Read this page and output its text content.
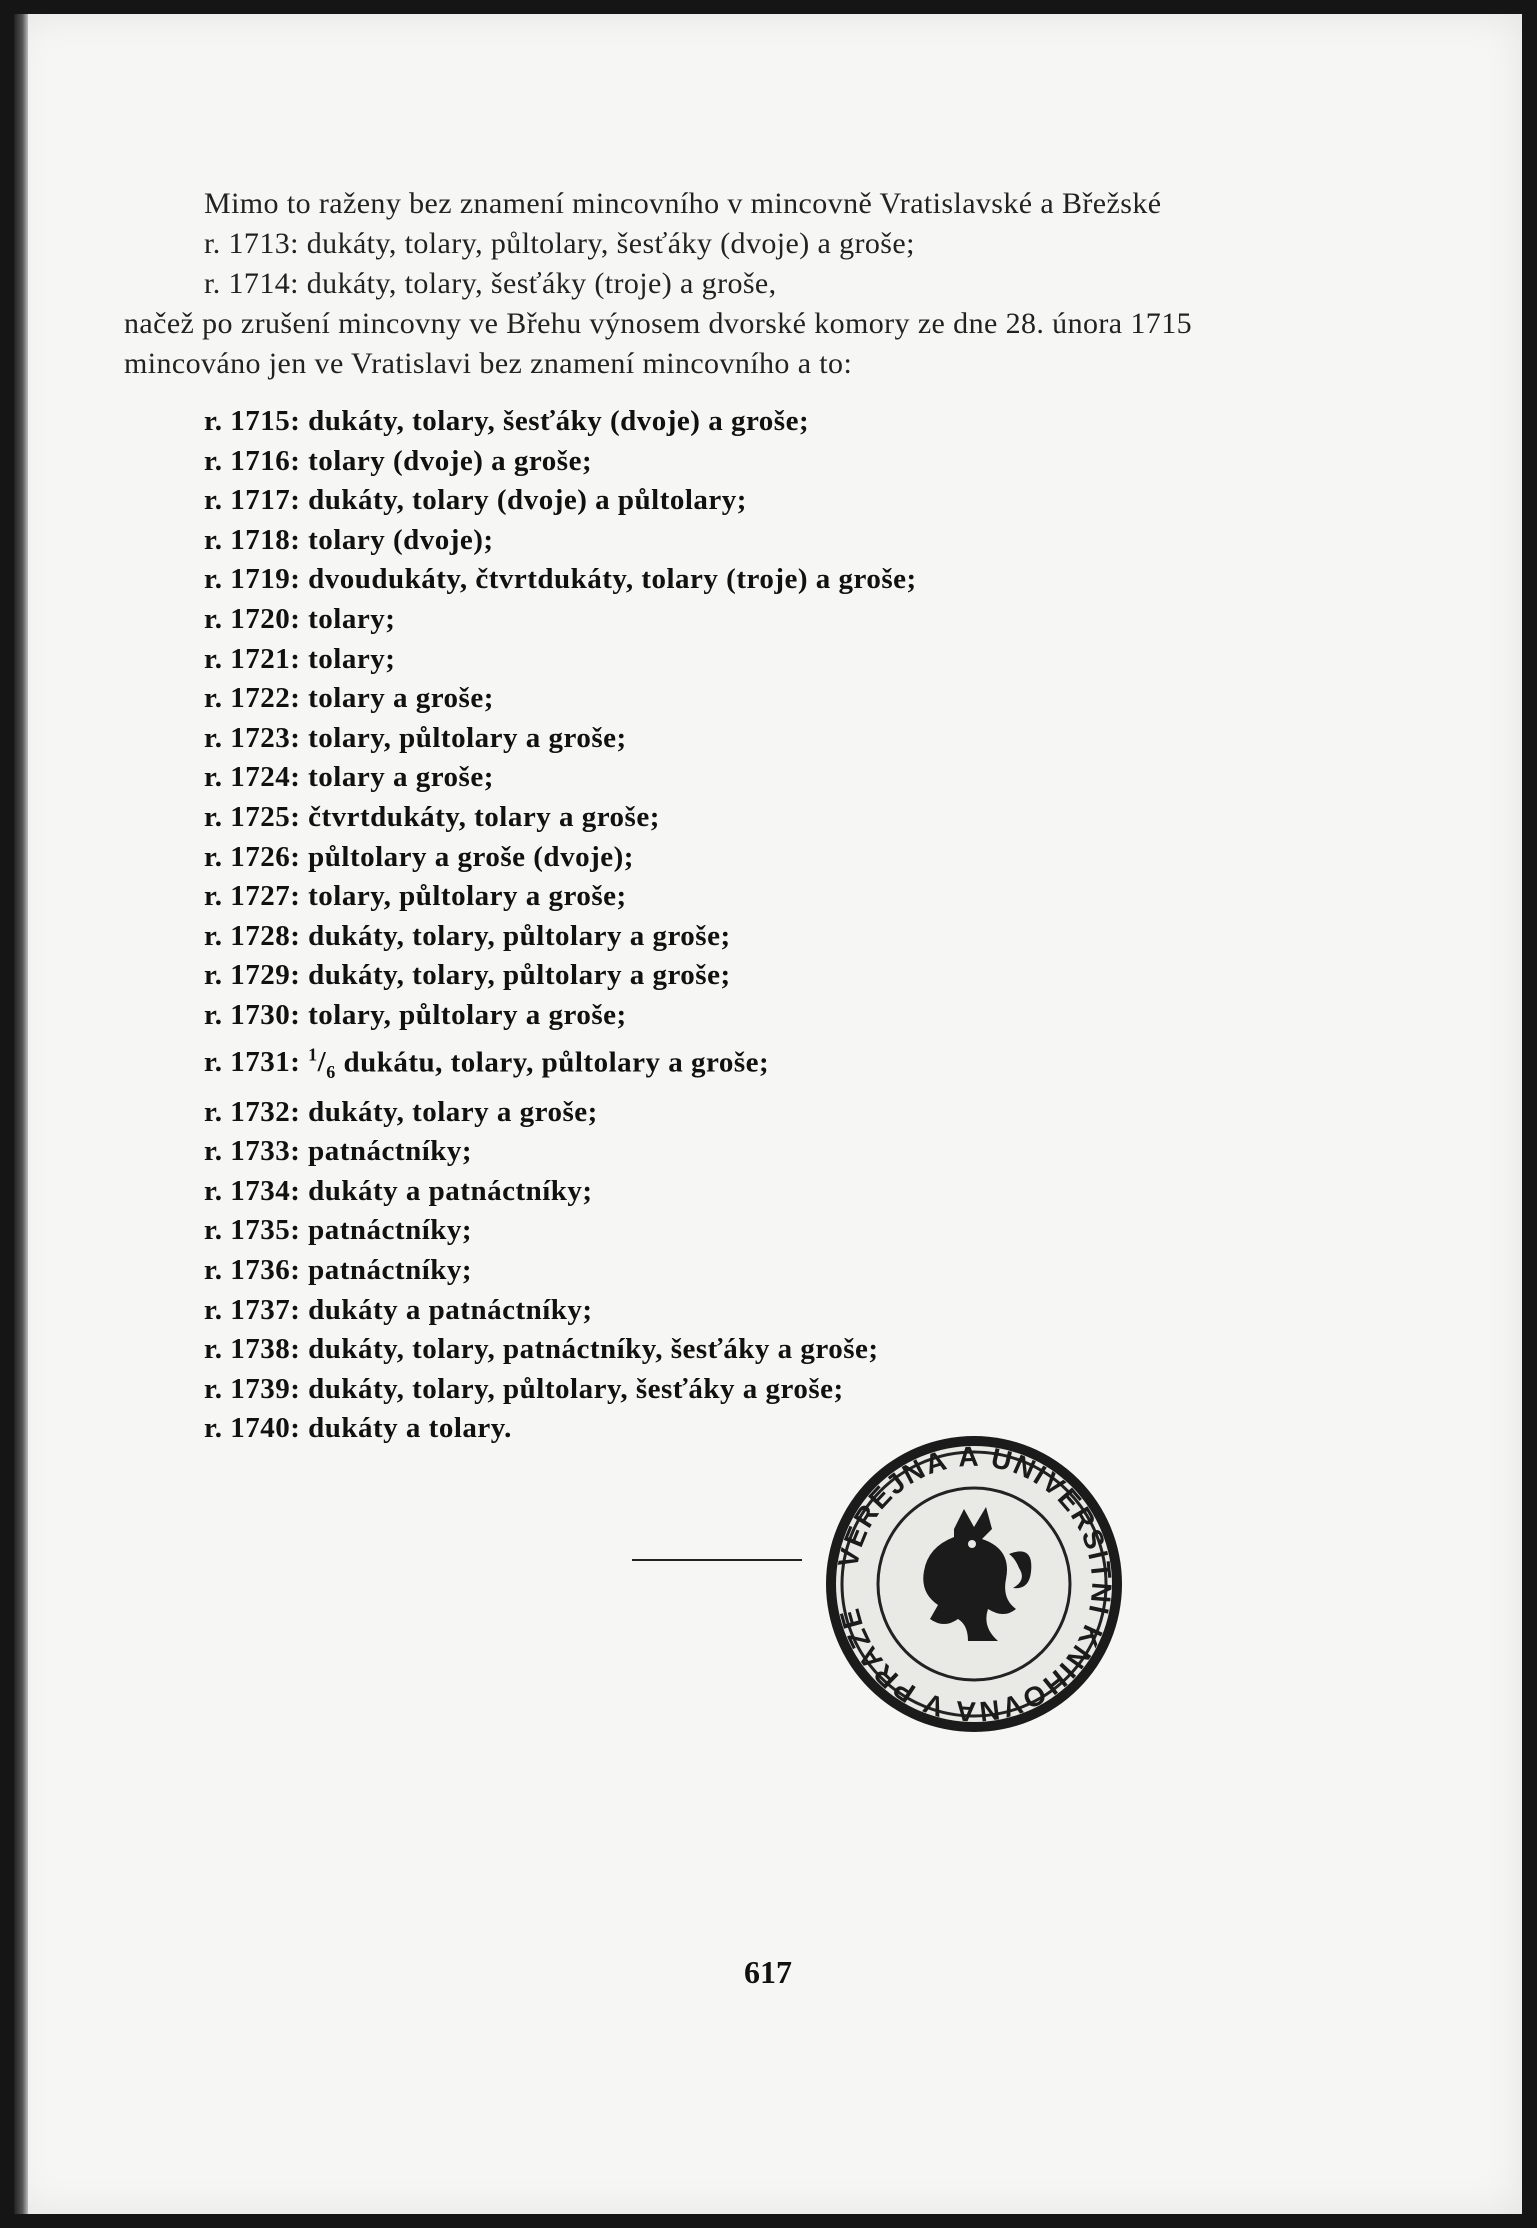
Mimo to raženy bez znamení mincovního v mincovně Vratislavské a Břežské

r. 1713: dukáty, tolary, půltolary, šesťáky (dvoje) a groše;

r. 1714: dukáty, tolary, šesťáky (troje) a groše,

načež po zrušení mincovny ve Břehu výnosem dvorské komory ze dne 28. února 1715

mincováno jen ve Vratislavi bez znamení mincovního a to:

r. 1715: dukáty, tolary, šesťáky (dvoje) a groše;
r. 1716: tolary (dvoje) a groše;
r. 1717: dukáty, tolary (dvoje) a půltolary;
r. 1718: tolary (dvoje);
r. 1719: dvoudukáty, čtvrtdukáty, tolary (troje) a groše;
r. 1720: tolary;
r. 1721: tolary;
r. 1722: tolary a groše;
r. 1723: tolary, půltolary a groše;
r. 1724: tolary a groše;
r. 1725: čtvrtdukáty, tolary a groše;
r. 1726: půltolary a groše (dvoje);
r. 1727: tolary, půltolary a groše;
r. 1728: dukáty, tolary, půltolary a groše;
r. 1729: dukáty, tolary, půltolary a groše;
r. 1730: tolary, půltolary a groše;
r. 1731: $^1/_6$ dukátu, tolary, půltolary a groše;
r. 1732: dukáty, tolary a groše;
r. 1733: patnáctníky;
r. 1734: dukáty a patnáctníky;
r. 1735: patnáctníky;
r. 1736: patnáctníky;
r. 1737: dukáty a patnáctníky;
r. 1738: dukáty, tolary, patnáctníky, šesťáky a groše;
r. 1739: dukáty, tolary, půltolary, šesťáky a groše;
r. 1740: dukáty a tolary.
VEŘEJNÁ A UNIVERSITNÍ KNIHOVNA V PRAZE
617
